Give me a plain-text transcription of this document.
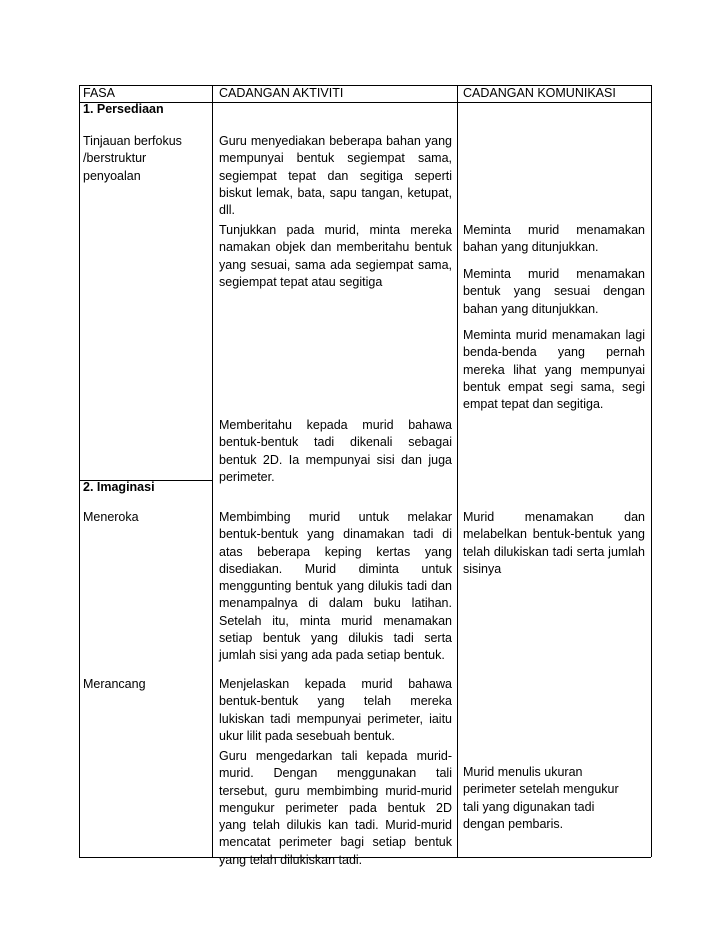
FASA	CADANGAN AKTIVITI	CADANGAN KOMUNIKASI
1. Persediaan
Tinjauan berfokus /berstruktur penyoalan
Guru menyediakan beberapa bahan yang mempunyai bentuk segiempat sama, segiempat tepat dan segitiga seperti biskut lemak, bata, sapu tangan, ketupat, dll.
Tunjukkan pada murid, minta mereka namakan objek dan memberitahu bentuk yang sesuai, sama ada segiempat sama, segiempat tepat atau segitiga
Memberitahu kepada murid bahawa bentuk-bentuk tadi dikenali sebagai bentuk 2D. Ia mempunyai sisi dan juga perimeter.
Meminta murid menamakan bahan yang ditunjukkan.
Meminta murid menamakan bentuk yang sesuai dengan bahan yang ditunjukkan.
Meminta murid menamakan lagi benda-benda yang pernah mereka lihat yang mempunyai bentuk empat segi sama, segi empat tepat dan segitiga.
2. Imaginasi
Meneroka
Merancang
Membimbing murid untuk melakar bentuk-bentuk yang dinamakan tadi di atas beberapa keping kertas yang disediakan. Murid diminta untuk menggunting bentuk yang dilukis tadi dan menampalnya di dalam buku latihan. Setelah itu, minta murid menamakan setiap bentuk yang dilukis tadi serta jumlah sisi yang ada pada setiap bentuk.
Menjelaskan kepada murid bahawa bentuk-bentuk yang telah mereka lukiskan tadi mempunyai perimeter, iaitu ukur lilit pada sesebuah bentuk.
Guru mengedarkan tali kepada murid-murid. Dengan menggunakan tali tersebut, guru membimbing murid-murid mengukur perimeter pada bentuk 2D yang telah dilukis kan tadi. Murid-murid mencatat perimeter bagi setiap bentuk yang telah dilukiskan tadi.
Murid menamakan dan melabelkan bentuk-bentuk yang telah dilukiskan tadi serta jumlah sisinya
Murid menulis ukuran perimeter setelah mengukur tali yang digunakan tadi dengan pembaris.
